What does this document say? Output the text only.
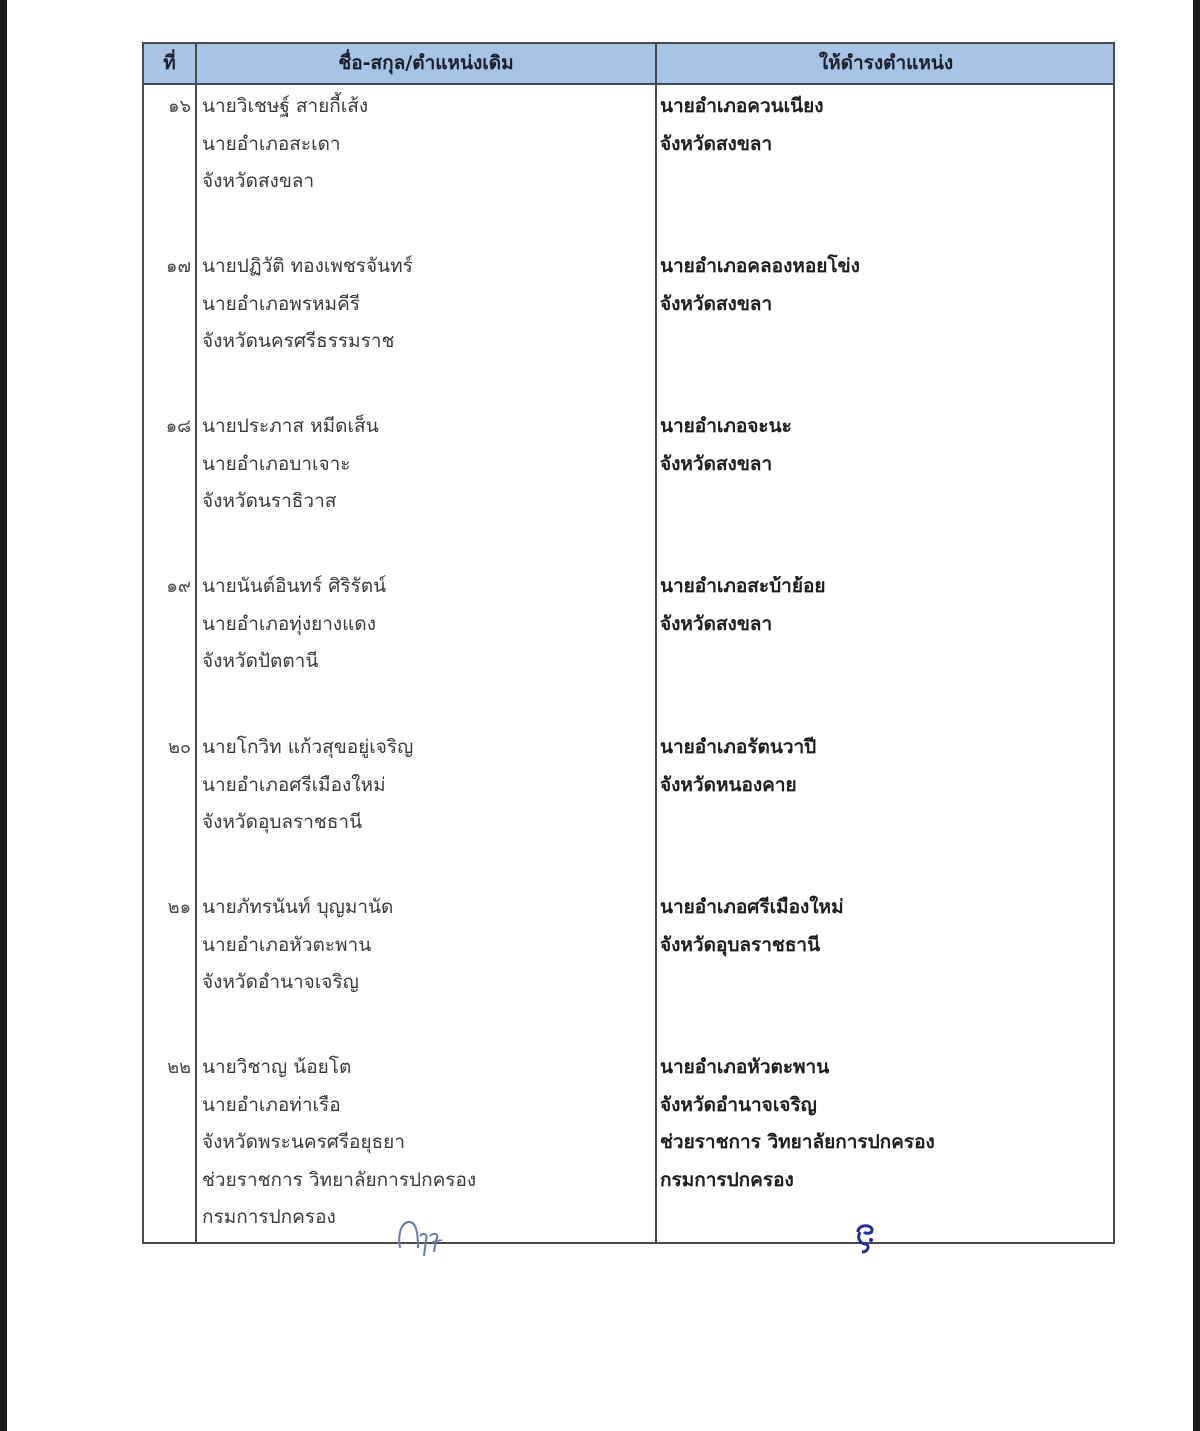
ที่	ชื่อ-สกุล/ตำแหน่งเดิม	ให้ดำรงตำแหน่ง
๑๖ นายวิเชษฐ์ สายกี้เส้ง
นายอำเภอสะเดา
จังหวัดสงขลา
นายอำเภอควนเนียง
จังหวัดสงขลา
๑๗ นายปฏิวัติ ทองเพชรจันทร์
นายอำเภอพรหมคีรี
จังหวัดนครศรีธรรมราช
นายอำเภอคลองหอยโข่ง
จังหวัดสงขลา
๑๘ นายประภาส หมีดเส็น
นายอำเภอบาเจาะ
จังหวัดนราธิวาส
นายอำเภอจะนะ
จังหวัดสงขลา
๑๙ นายนันต์อินทร์ ศิริรัตน์
นายอำเภอทุ่งยางแดง
จังหวัดปัตตานี
นายอำเภอสะบ้าย้อย
จังหวัดสงขลา
๒๐ นายโกวิท แก้วสุขอยู่เจริญ
นายอำเภอศรีเมืองใหม่
จังหวัดอุบลราชธานี
นายอำเภอรัตนวาปี
จังหวัดหนองคาย
๒๑ นายภัทรนันท์ บุญมานัด
นายอำเภอหัวตะพาน
จังหวัดอำนาจเจริญ
นายอำเภอศรีเมืองใหม่
จังหวัดอุบลราชธานี
๒๒ นายวิชาญ น้อยโต
นายอำเภอท่าเรือ
จังหวัดพระนครศรีอยุธยา
ช่วยราชการ วิทยาลัยการปกครอง
กรมการปกครอง
นายอำเภอหัวตะพาน
จังหวัดอำนาจเจริญ
ช่วยราชการ วิทยาลัยการปกครอง
กรมการปกครอง
